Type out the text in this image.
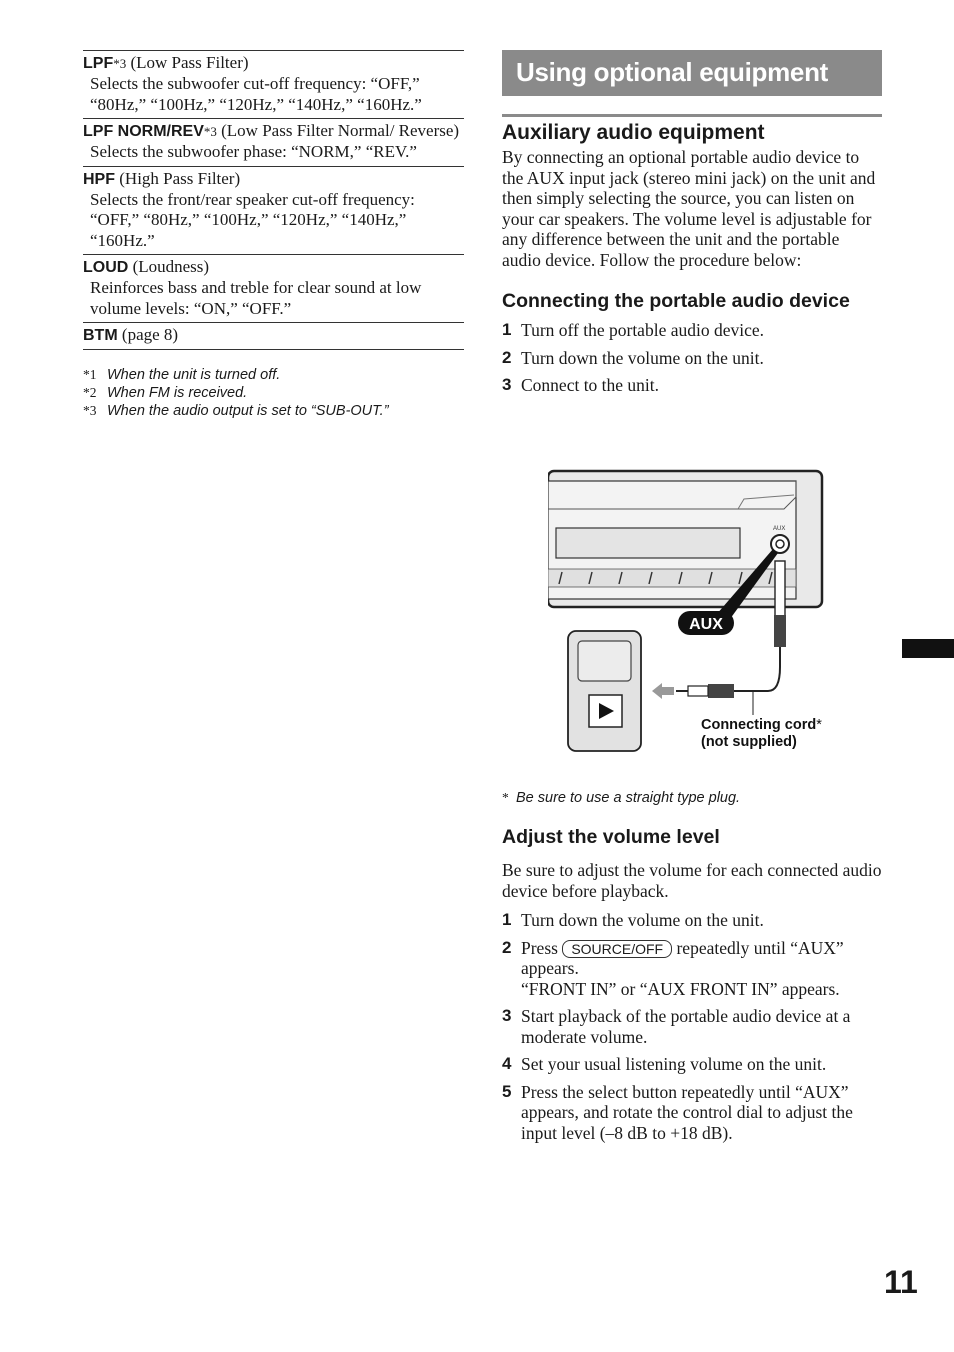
LPF*3 (Low Pass Filter)
Selects the subwoofer cut-off frequency: “OFF,” “80Hz,” “100Hz,” “120Hz,” “140Hz,” “160Hz.”
LPF NORM/REV*3 (Low Pass Filter Normal/ Reverse)
Selects the subwoofer phase: “NORM,” “REV.”
HPF (High Pass Filter)
Selects the front/rear speaker cut-off frequency: “OFF,” “80Hz,” “100Hz,” “120Hz,” “140Hz,” “160Hz.”
LOUD (Loudness)
Reinforces bass and treble for clear sound at low volume levels: “ON,” “OFF.”
BTM (page 8)
*1 When the unit is turned off.
*2 When FM is received.
*3 When the audio output is set to “SUB-OUT.”
Using optional equipment
Auxiliary audio equipment
By connecting an optional portable audio device to the AUX input jack (stereo mini jack) on the unit and then simply selecting the source, you can listen on your car speakers. The volume level is adjustable for any difference between the unit and the portable audio device. Follow the procedure below:
Connecting the portable audio device
1 Turn off the portable audio device.
2 Turn down the volume on the unit.
3 Connect to the unit.
AUX
AUX
Connecting cord*
(not supplied)
* Be sure to use a straight type plug.
Adjust the volume level
Be sure to adjust the volume for each connected audio device before playback.
1 Turn down the volume on the unit.
2 Press SOURCE/OFF repeatedly until “AUX” appears.
“FRONT IN” or “AUX FRONT IN” appears.
3 Start playback of the portable audio device at a moderate volume.
4 Set your usual listening volume on the unit.
5 Press the select button repeatedly until “AUX” appears, and rotate the control dial to adjust the input level (–8 dB to +18 dB).
11
